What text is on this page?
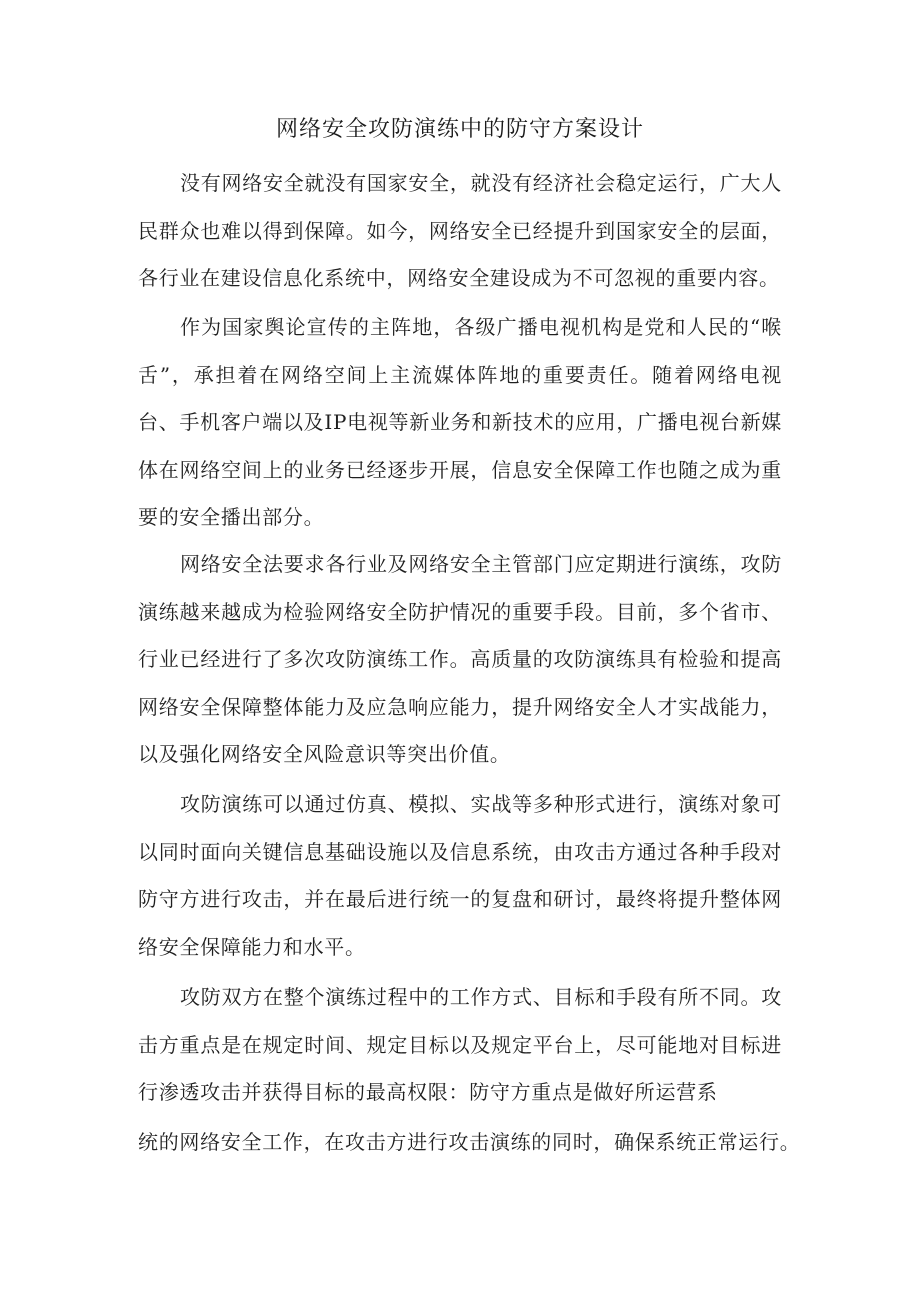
网络安全攻防演练中的防守方案设计

没有网络安全就没有国家安全，就没有经济社会稳定运行，广大人民群众也难以得到保障。如今，网络安全已经提升到国家安全的层面，各行业在建设信息化系统中，网络安全建设成为不可忽视的重要内容。

作为国家舆论宣传的主阵地，各级广播电视机构是党和人民的“喉舌”，承担着在网络空间上主流媒体阵地的重要责任。随着网络电视台、手机客户端以及IP电视等新业务和新技术的应用，广播电视台新媒体在网络空间上的业务已经逐步开展，信息安全保障工作也随之成为重要的安全播出部分。

网络安全法要求各行业及网络安全主管部门应定期进行演练，攻防演练越来越成为检验网络安全防护情况的重要手段。目前，多个省市、行业已经进行了多次攻防演练工作。高质量的攻防演练具有检验和提高网络安全保障整体能力及应急响应能力，提升网络安全人才实战能力，以及强化网络安全风险意识等突出价值。

攻防演练可以通过仿真、模拟、实战等多种形式进行，演练对象可以同时面向关键信息基础设施以及信息系统，由攻击方通过各种手段对防守方进行攻击，并在最后进行统一的复盘和研讨，最终将提升整体网络安全保障能力和水平。

攻防双方在整个演练过程中的工作方式、目标和手段有所不同。攻击方重点是在规定时间、规定目标以及规定平台上，尽可能地对目标进行渗透攻击并获得目标的最高权限：防守方重点是做好所运营系

统的网络安全工作，在攻击方进行攻击演练的同时，确保系统正常运行。
